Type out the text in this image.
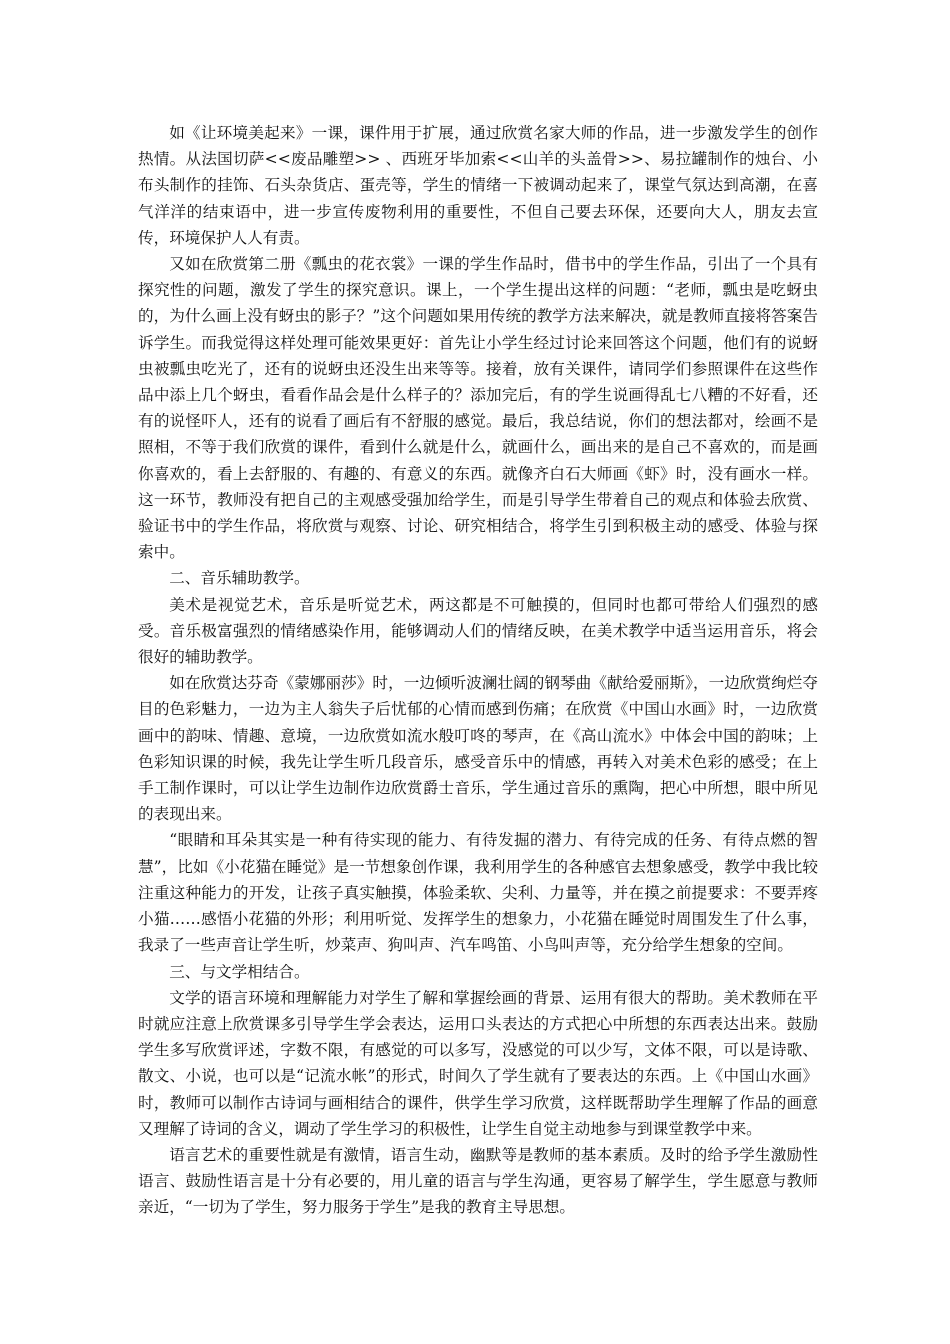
如《让环境美起来》一课，课件用于扩展，通过欣赏名家大师的作品，进一步激发学生的创作热情。从法国切萨<<废品雕塑>> 、西班牙毕加索<<山羊的头盖骨>>、易拉罐制作的烛台、小布头制作的挂饰、石头杂货店、蛋壳等，学生的情绪一下被调动起来了，课堂气氛达到高潮，在喜气洋洋的结束语中，进一步宣传废物利用的重要性，不但自己要去环保，还要向大人，朋友去宣传，环境保护人人有责。

又如在欣赏第二册《瓢虫的花衣裳》一课的学生作品时，借书中的学生作品，引出了一个具有探究性的问题，激发了学生的探究意识。课上，一个学生提出这样的问题：“老师，瓢虫是吃蚜虫的，为什么画上没有蚜虫的影子？”这个问题如果用传统的教学方法来解决，就是教师直接将答案告诉学生。而我觉得这样处理可能效果更好：首先让小学生经过讨论来回答这个问题，他们有的说蚜虫被瓢虫吃光了，还有的说蚜虫还没生出来等等。接着，放有关课件，请同学们参照课件在这些作品中添上几个蚜虫，看看作品会是什么样子的？添加完后，有的学生说画得乱七八糟的不好看，还有的说怪吓人，还有的说看了画后有不舒服的感觉。最后，我总结说，你们的想法都对，绘画不是照相，不等于我们欣赏的课件，看到什么就是什么，就画什么，画出来的是自己不喜欢的，而是画你喜欢的，看上去舒服的、有趣的、有意义的东西。就像齐白石大师画《虾》时，没有画水一样。这一环节，教师没有把自己的主观感受强加给学生，而是引导学生带着自己的观点和体验去欣赏、验证书中的学生作品，将欣赏与观察、讨论、研究相结合，将学生引到积极主动的感受、体验与探索中。

二、音乐辅助教学。

美术是视觉艺术，音乐是听觉艺术，两这都是不可触摸的，但同时也都可带给人们强烈的感受。音乐极富强烈的情绪感染作用，能够调动人们的情绪反映，在美术教学中适当运用音乐，将会很好的辅助教学。

如在欣赏达芬奇《蒙娜丽莎》时，一边倾听波澜壮阔的钢琴曲《献给爱丽斯》，一边欣赏绚烂夺目的色彩魅力，一边为主人翁失子后忧郁的心情而感到伤痛；在欣赏《中国山水画》时，一边欣赏画中的韵味、情趣、意境，一边欣赏如流水般叮咚的琴声，在《高山流水》中体会中国的韵味；上色彩知识课的时候，我先让学生听几段音乐，感受音乐中的情感，再转入对美术色彩的感受；在上手工制作课时，可以让学生边制作边欣赏爵士音乐，学生通过音乐的熏陶，把心中所想，眼中所见的表现出来。

“眼睛和耳朵其实是一种有待实现的能力、有待发掘的潜力、有待完成的任务、有待点燃的智慧”，比如《小花猫在睡觉》是一节想象创作课，我利用学生的各种感官去想象感受，教学中我比较注重这种能力的开发，让孩子真实触摸，体验柔软、尖利、力量等，并在摸之前提要求：不要弄疼小猫……感悟小花猫的外形；利用听觉、发挥学生的想象力，小花猫在睡觉时周围发生了什么事，我录了一些声音让学生听，炒菜声、狗叫声、汽车鸣笛、小鸟叫声等，充分给学生想象的空间。

三、与文学相结合。

文学的语言环境和理解能力对学生了解和掌握绘画的背景、运用有很大的帮助。美术教师在平时就应注意上欣赏课多引导学生学会表达，运用口头表达的方式把心中所想的东西表达出来。鼓励学生多写欣赏评述，字数不限，有感觉的可以多写，没感觉的可以少写，文体不限，可以是诗歌、散文、小说，也可以是“记流水帐”的形式，时间久了学生就有了要表达的东西。上《中国山水画》时，教师可以制作古诗词与画相结合的课件，供学生学习欣赏，这样既帮助学生理解了作品的画意又理解了诗词的含义，调动了学生学习的积极性，让学生自觉主动地参与到课堂教学中来。

语言艺术的重要性就是有激情，语言生动，幽默等是教师的基本素质。及时的给予学生激励性语言、鼓励性语言是十分有必要的，用儿童的语言与学生沟通，更容易了解学生，学生愿意与教师亲近，“一切为了学生，努力服务于学生”是我的教育主导思想。
